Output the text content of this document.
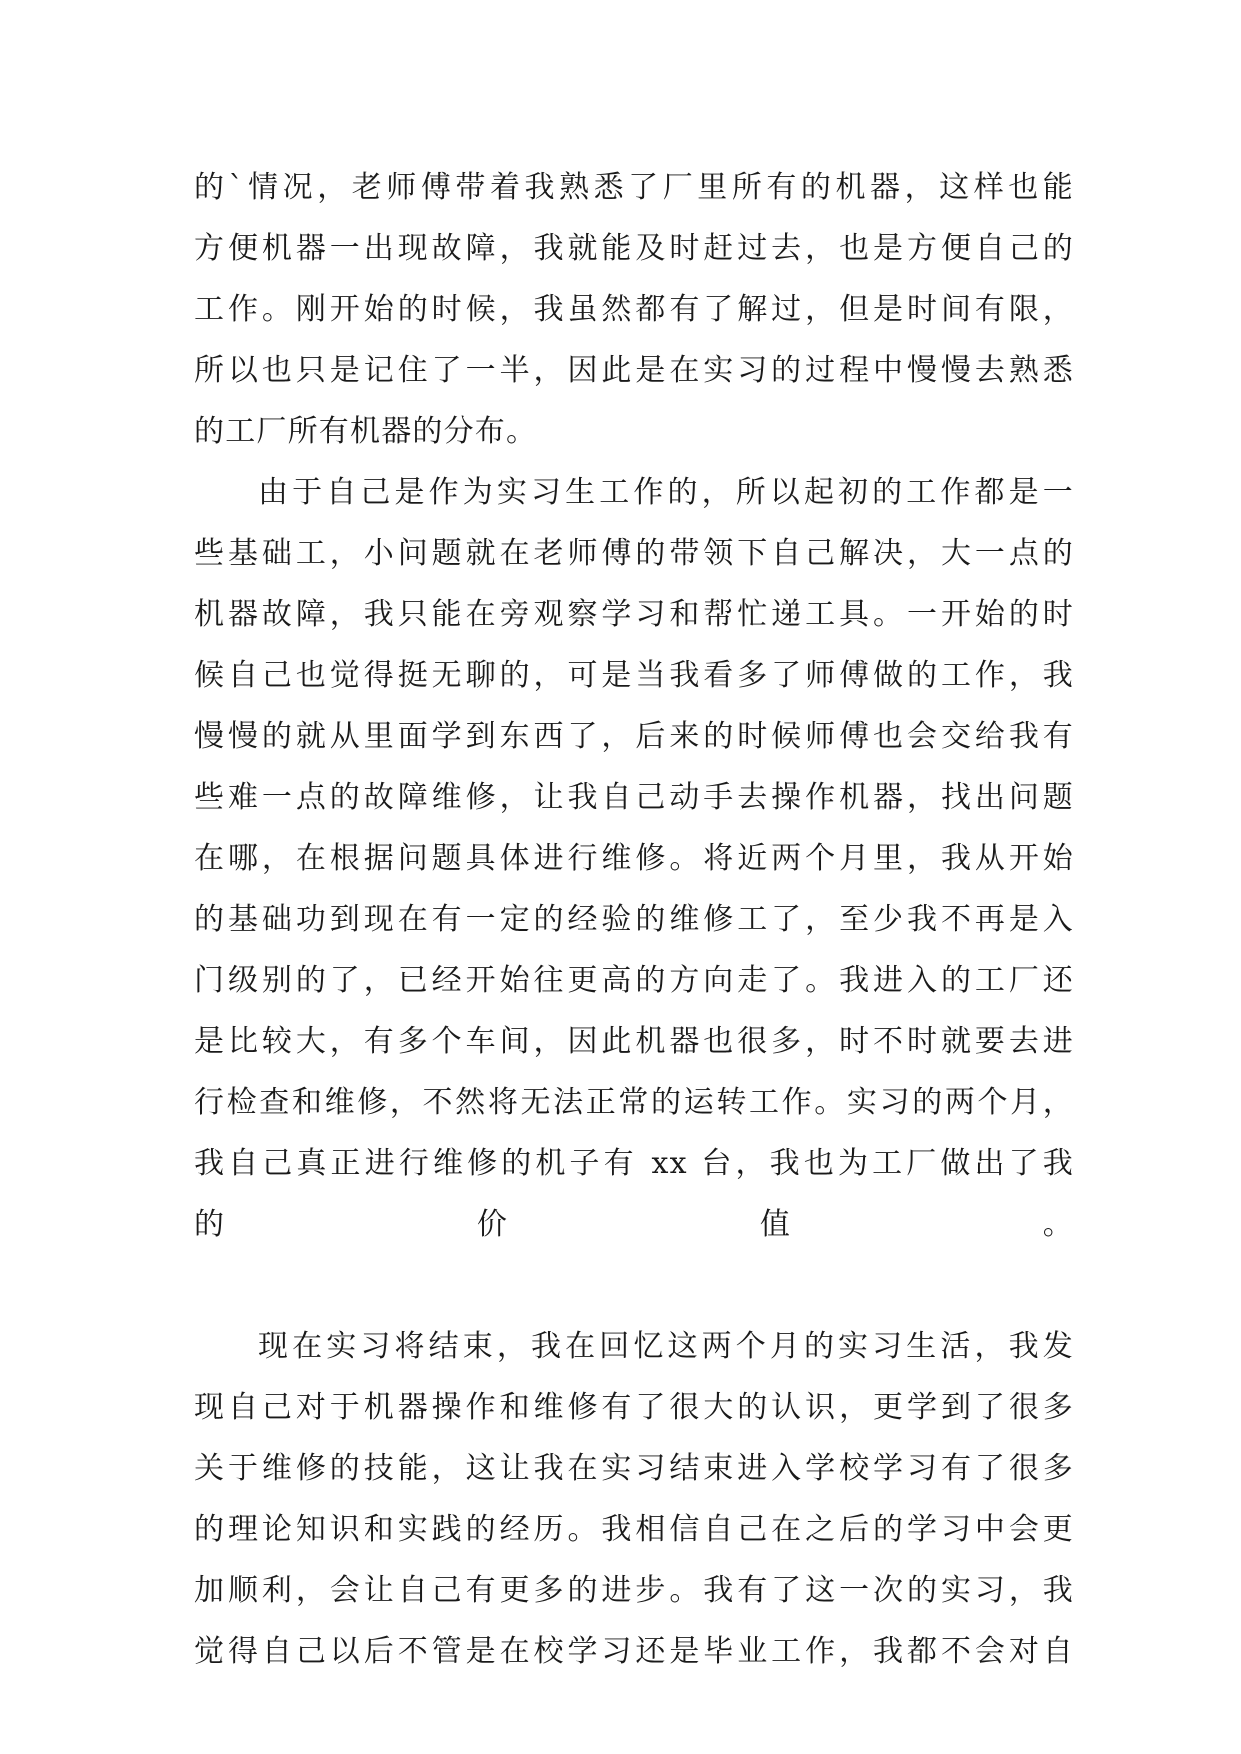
的`情况，老师傅带着我熟悉了厂里所有的机器，这样也能
方便机器一出现故障，我就能及时赶过去，也是方便自己的
工作。刚开始的时候，我虽然都有了解过，但是时间有限，
所以也只是记住了一半，因此是在实习的过程中慢慢去熟悉
的工厂所有机器的分布。
由于自己是作为实习生工作的，所以起初的工作都是一
些基础工，小问题就在老师傅的带领下自己解决，大一点的
机器故障，我只能在旁观察学习和帮忙递工具。一开始的时
候自己也觉得挺无聊的，可是当我看多了师傅做的工作，我
慢慢的就从里面学到东西了，后来的时候师傅也会交给我有
些难一点的故障维修，让我自己动手去操作机器，找出问题
在哪，在根据问题具体进行维修。将近两个月里，我从开始
的基础功到现在有一定的经验的维修工了，至少我不再是入
门级别的了，已经开始往更高的方向走了。我进入的工厂还
是比较大，有多个车间，因此机器也很多，时不时就要去进
行检查和维修，不然将无法正常的运转工作。实习的两个月，
我自己真正进行维修的机子有 xx 台，我也为工厂做出了我
的价值。
现在实习将结束，我在回忆这两个月的实习生活，我发
现自己对于机器操作和维修有了很大的认识，更学到了很多
关于维修的技能，这让我在实习结束进入学校学习有了很多
的理论知识和实践的经历。我相信自己在之后的学习中会更
加顺利，会让自己有更多的进步。我有了这一次的实习，我
觉得自己以后不管是在校学习还是毕业工作，我都不会对自
